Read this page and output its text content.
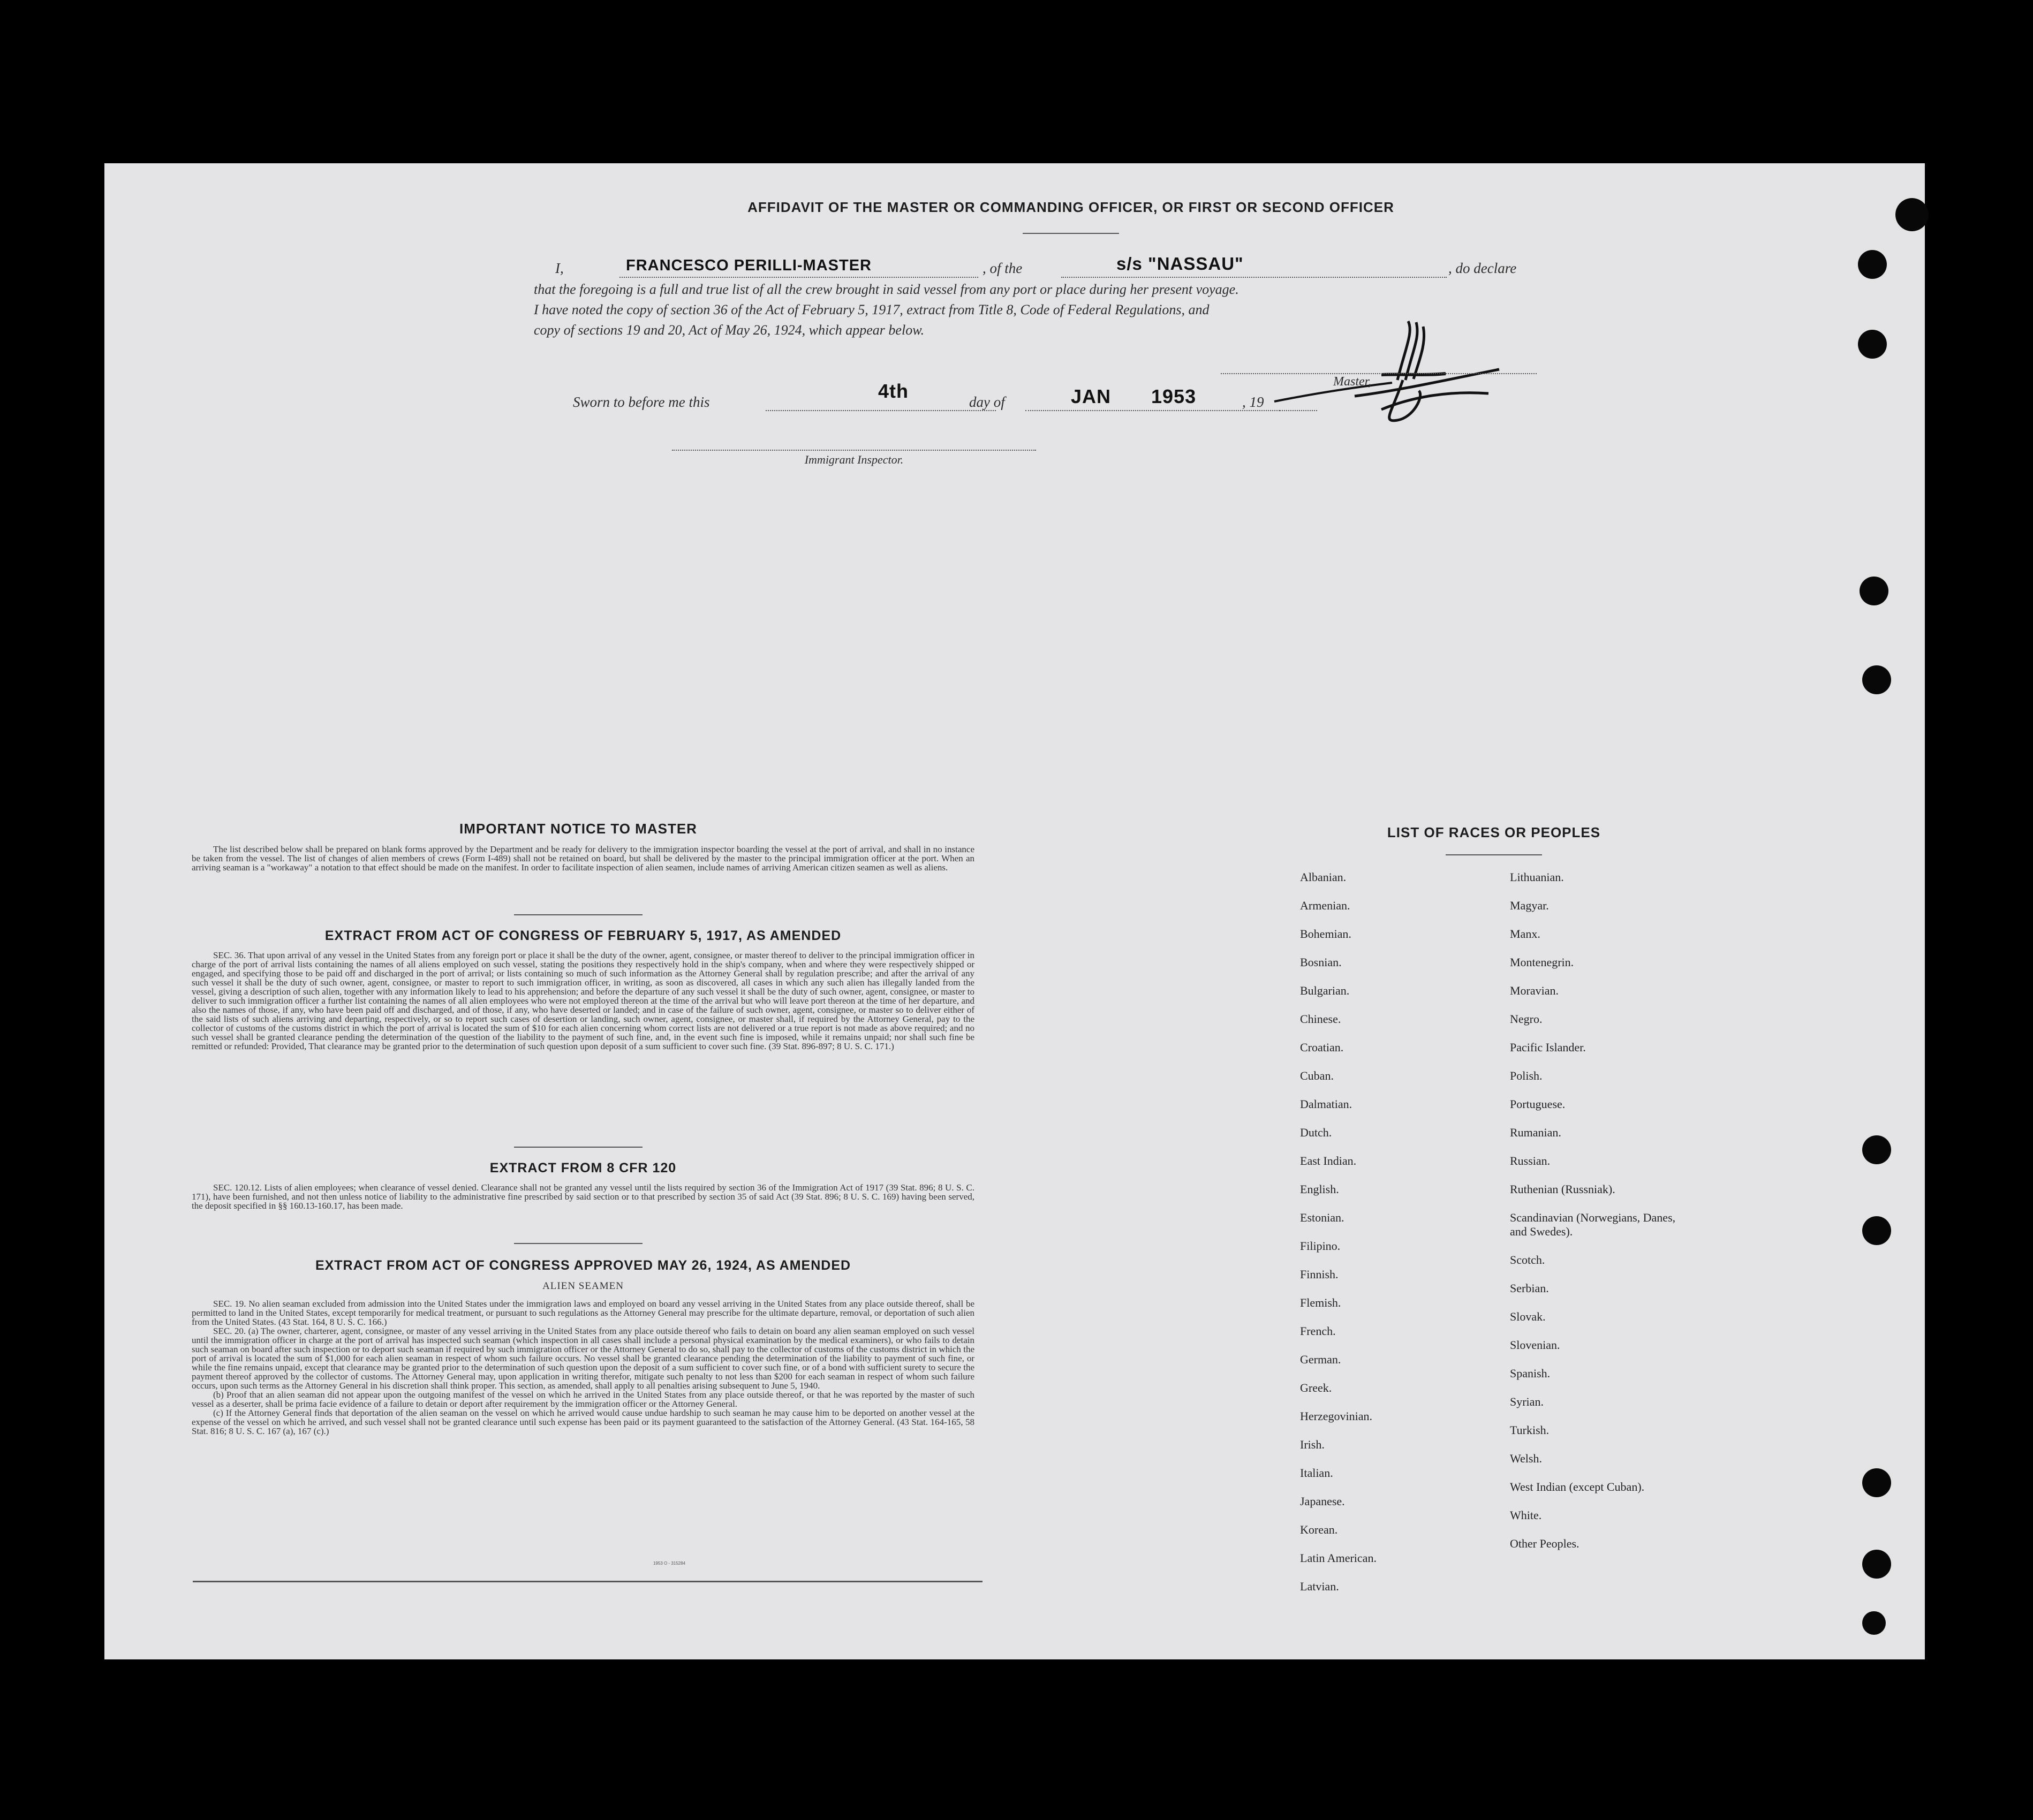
AFFIDAVIT OF THE MASTER OR COMMANDING OFFICER, OR FIRST OR SECOND OFFICER
I,	FRANCESCO PERILLI-MASTER	, of the	s/s "NASSAU"	, do declare
that the foregoing is a full and true list of all the crew brought in said vessel from any port or place during her present voyage.
I have noted the copy of section 36 of the Act of February 5, 1917, extract from Title 8, Code of Federal Regulations, and
copy of sections 19 and 20, Act of May 26, 1924, which appear below.
Master,
Sworn to before me this	4th	day of	JAN 1953	, 19
Immigrant Inspector.
IMPORTANT NOTICE TO MASTER

The list described below shall be prepared on blank forms approved by the Department and be ready for delivery to the immigration inspector boarding the vessel at the port of arrival, and shall in no instance be taken from the vessel. The list of changes of alien members of crews (Form I-489) shall not be retained on board, but shall be delivered by the master to the principal immigration officer at the port. When an arriving seaman is a "workaway" a notation to that effect should be made on the manifest. In order to facilitate inspection of alien seamen, include names of arriving American citizen seamen as well as aliens.

EXTRACT FROM ACT OF CONGRESS OF FEBRUARY 5, 1917, AS AMENDED

SEC. 36. That upon arrival of any vessel in the United States from any foreign port or place it shall be the duty of the owner, agent, consignee, or master thereof to deliver to the principal immigration officer in charge of the port of arrival lists containing the names of all aliens employed on such vessel, stating the positions they respectively hold in the ship's company, when and where they were respectively shipped or engaged, and specifying those to be paid off and discharged in the port of arrival; or lists containing so much of such information as the Attorney General shall by regulation prescribe; and after the arrival of any such vessel it shall be the duty of such owner, agent, consignee, or master to report to such immigration officer, in writing, as soon as discovered, all cases in which any such alien has illegally landed from the vessel, giving a description of such alien, together with any information likely to lead to his apprehension; and before the departure of any such vessel it shall be the duty of such owner, agent, consignee, or master to deliver to such immigration officer a further list containing the names of all alien employees who were not employed thereon at the time of the arrival but who will leave port thereon at the time of her departure, and also the names of those, if any, who have been paid off and discharged, and of those, if any, who have deserted or landed; and in case of the failure of such owner, agent, consignee, or master so to deliver either of the said lists of such aliens arriving and departing, respectively, or so to report such cases of desertion or landing, such owner, agent, consignee, or master shall, if required by the Attorney General, pay to the collector of customs of the customs district in which the port of arrival is located the sum of $10 for each alien concerning whom correct lists are not delivered or a true report is not made as above required; and no such vessel shall be granted clearance pending the determination of the question of the liability to the payment of such fine, and, in the event such fine is imposed, while it remains unpaid; nor shall such fine be remitted or refunded: Provided, That clearance may be granted prior to the determination of such question upon deposit of a sum sufficient to cover such fine. (39 Stat. 896-897; 8 U. S. C. 171.)

EXTRACT FROM 8 CFR 120

SEC. 120.12. Lists of alien employees; when clearance of vessel denied. Clearance shall not be granted any vessel until the lists required by section 36 of the Immigration Act of 1917 (39 Stat. 896; 8 U. S. C. 171), have been furnished, and not then unless notice of liability to the administrative fine prescribed by said section or to that prescribed by section 35 of said Act (39 Stat. 896; 8 U. S. C. 169) having been served, the deposit specified in §§ 160.13-160.17, has been made.

EXTRACT FROM ACT OF CONGRESS APPROVED MAY 26, 1924, AS AMENDED
ALIEN SEAMEN

SEC. 19. No alien seaman excluded from admission into the United States under the immigration laws and employed on board any vessel arriving in the United States from any place outside thereof, shall be permitted to land in the United States, except temporarily for medical treatment, or pursuant to such regulations as the Attorney General may prescribe for the ultimate departure, removal, or deportation of such alien from the United States. (43 Stat. 164, 8 U. S. C. 166.)

SEC. 20. (a) The owner, charterer, agent, consignee, or master of any vessel arriving in the United States from any place outside thereof who fails to detain on board any alien seaman employed on such vessel until the immigration officer in charge at the port of arrival has inspected such seaman (which inspection in all cases shall include a personal physical examination by the medical examiners), or who fails to detain such seaman on board after such inspection or to deport such seaman if required by such immigration officer or the Attorney General to do so, shall pay to the collector of customs of the customs district in which the port of arrival is located the sum of $1,000 for each alien seaman in respect of whom such failure occurs. No vessel shall be granted clearance pending the determination of the liability to payment of such fine, or while the fine remains unpaid, except that clearance may be granted prior to the determination of such question upon the deposit of a sum sufficient to cover such fine, or of a bond with sufficient surety to secure the payment thereof approved by the collector of customs. The Attorney General may, upon application in writing therefor, mitigate such penalty to not less than $200 for each seaman in respect of whom such failure occurs, upon such terms as the Attorney General in his discretion shall think proper. This section, as amended, shall apply to all penalties arising subsequent to June 5, 1940.

(b) Proof that an alien seaman did not appear upon the outgoing manifest of the vessel on which he arrived in the United States from any place outside thereof, or that he was reported by the master of such vessel as a deserter, shall be prima facie evidence of a failure to detain or deport after requirement by the immigration officer or the Attorney General.

(c) If the Attorney General finds that deportation of the alien seaman on the vessel on which he arrived would cause undue hardship to such seaman he may cause him to be deported on another vessel at the expense of the vessel on which he arrived, and such vessel shall not be granted clearance until such expense has been paid or its payment guaranteed to the satisfaction of the Attorney General. (43 Stat. 164-165, 58 Stat. 816; 8 U. S. C. 167 (a), 167 (c).)

1953 O - 315284
LIST OF RACES OR PEOPLES
Albanian.
Armenian.
Bohemian.
Bosnian.
Bulgarian.
Chinese.
Croatian.
Cuban.
Dalmatian.
Dutch.
East Indian.
English.
Estonian.
Filipino.
Finnish.
Flemish.
French.
German.
Greek.
Herzegovinian.
Irish.
Italian.
Japanese.
Korean.
Latin American.
Latvian.
Lithuanian.
Magyar.
Manx.
Montenegrin.
Moravian.
Negro.
Pacific Islander.
Polish.
Portuguese.
Rumanian.
Russian.
Ruthenian (Russniak).
Scandinavian (Norwegians, Danes, and Swedes).
Scotch.
Serbian.
Slovak.
Slovenian.
Spanish.
Syrian.
Turkish.
Welsh.
West Indian (except Cuban).
White.
Other Peoples.
